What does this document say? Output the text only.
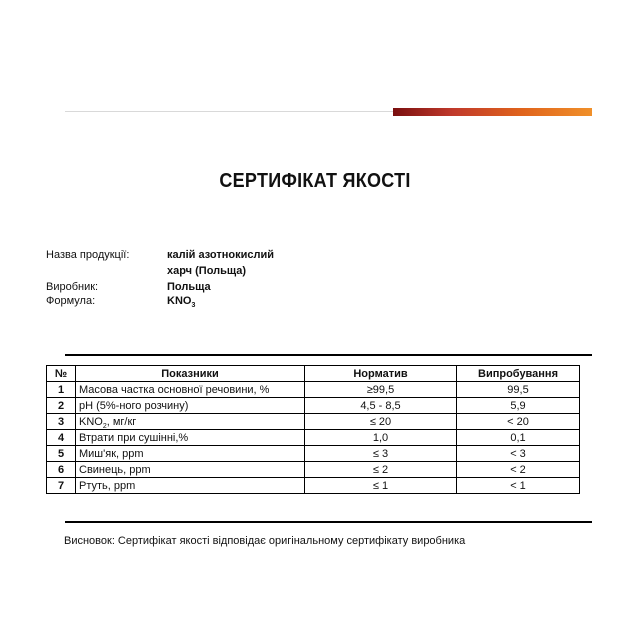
СЕРТИФІКАТ ЯКОСТІ
Назва продукції:	калій азотнокислий
харч (Польща)
Виробник:	Польща
Формула:	$KNO_3$
№	Показники	Норматив	Випробування
1	Масова частка основної речовини, %	≥99,5	99,5
2	pH (5%-ного розчину)	4,5 - 8,5	5,9
3	$KNO_2$, мг/кг	≤ 20	< 20
4	Втрати при сушінні,%	1,0	0,1
5	Миш'як, ppm	≤ 3	< 3
6	Свинець, ppm	≤ 2	< 2
7	Ртуть, ppm	≤ 1	< 1
Висновок: Сертифікат якості відповідає оригінальному сертифікату виробника
